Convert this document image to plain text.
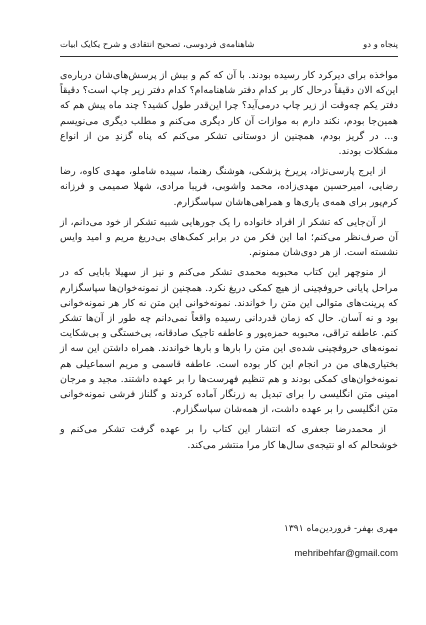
پنجاه و دو
شاهنامه‌ی فردوسی، تصحیح انتقادی و شرح یکایک ابیات

مواخذه برای دیرکرد کار رسیده بودند. با آن که کم و بیش از پرسش‌های‌شان درباره‌ی این‌که الان دقیقاً درحال کار بر کدام دفتر شاهنامه‌ام؟ کدام دفتر زیر چاپ است؟ دقیقاً دفتر یکم چه‌وقت از زیر چاپ درمی‌آید؟ چرا این‌قدر طول کشید؟ چند ماه پیش هم که همین‌جا بودم، نکند دارم به موازات آن کار دیگری می‌کنم و مطلب دیگری می‌نویسم و... در گریز بودم، همچنین از دوستانی تشکر می‌کنم که پناه گزندِ من از انواع مشکلات بودند.

از ایرج پارسی‌نژاد، پریرخ پزشکی، هوشنگ رهنما، سپیده شاملو، مهدی کاوه، رضا رضایی، امیرحسین مهدی‌زاده، محمد واشوبی، فریبا مرادی، شهلا صمیمی و فرزانه کرم‌پور برای همه‌ی یاری‌ها و همراهی‌هاشان سپاسگزارم.

از آن‌جایی که تشکر از افراد خانواده را یک جورهایی شبیه تشکر از خود می‌دانم، از آن صرف‌نظر می‌کنم؛ اما این فکر من در برابر کمک‌های بی‌دریغ مریم و امید وایس نشسته است. از هر دوی‌شان ممنونم.

از منوچهر این کتاب محبوبه محمدی تشکر می‌کنم و نیز از سهیلا بابایی که در مراحل پایانی حروفچینی از هیچ کمکی دریغ نکرد. همچنین از نمونه‌خوان‌ها سپاسگزارم که پرینت‌های متوالی این متن را خواندند. نمونه‌خوانی این متن نه کار هر نمونه‌خوانی بود و نه آسان. حال که زمان قدردانی رسیده واقعاً نمی‌دانم چه طور از آن‌ها تشکر کنم. عاطفه تراقی، محبوبه حمزه‌پور و عاطفه تاجیک صادقانه، بی‌خستگی و بی‌شکایت نمونه‌های حروفچینی شده‌ی این متن را بارها و بارها خواندند. همراه داشتن این سه از بختیاری‌های من در انجام این کار بوده است. عاطفه قاسمی و مریم اسماعیلی هم نمونه‌خوان‌های کمکی بودند و هم تنظیم فهرست‌ها را بر عهده داشتند. مجید و مرجان امینی متن انگلیسی را برای تبدیل به زرنگار آماده کردند و گلناز فرشی نمونه‌خوانی متن انگلیسی را بر عهده داشت، از همه‌شان سپاسگزارم.

از محمدرضا جعفری که انتشار این کتاب را بر عهده گرفت تشکر می‌کنم و خوشحالم که او نتیجه‌ی سال‌ها کار مرا منتشر می‌کند.

مهری بهفر- فروردین‌ماه ۱۳۹۱
mehribehfar@gmail.com
